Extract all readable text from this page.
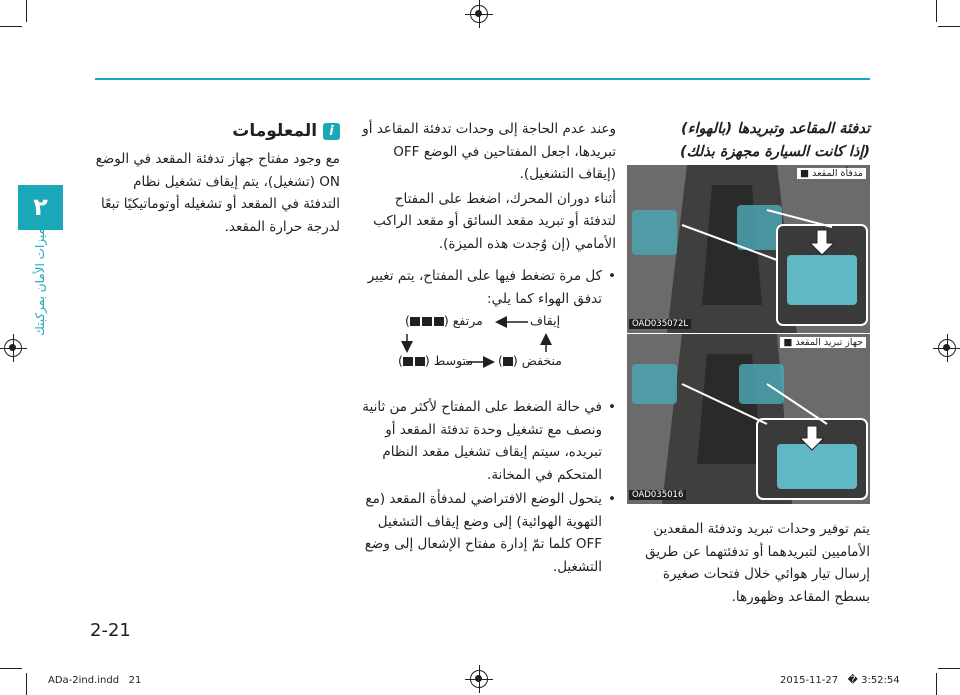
٢
ميزات الأمان بمركبتك
i المعلومات
مع وجود مفتاح جهاز تدفئة المقعد في الوضع ON (تشغيل)، يتم إيقاف تشغيل نظام التدفئة في المقعد أو تشغيله أوتوماتيكيًا تبعًا لدرجة حرارة المقعد.

وعند عدم الحاجة إلى وحدات تدفئة المقاعد أو تبريدها، اجعل المفتاحين في الوضع OFF (إيقاف التشغيل).

أثناء دوران المحرك، اضغط على المفتاح لتدفئة أو تبريد مقعد السائق أو مقعد الراكب الأمامي (إن وُجدت هذه الميزة).

• كل مرة تضغط فيها على المفتاح، يتم تغيير تدفق الهواء كما يلي:
إيقاف
(	) مرتفع
( ) متوسط ( ) منخفض
• في حالة الضغط على المفتاح لأكثر من ثانية ونصف مع تشغيل وحدة تدفئة المقعد أو تبريده، سيتم إيقاف تشغيل مقعد النظام المتحكم في المخانة.
• يتحول الوضع الافتراضي لمدفأة المقعد (مع التهوية الهوائية) إلى وضع إيقاف التشغيل OFF كلما تمّ إدارة مفتاح الإشعال إلى وضع التشغيل.
تدفئة المقاعد وتبريدها (بالهواء)
(إذا كانت السيارة مجهزة بذلك)
■ مدفأة المقعد
OAD035072L
■ جهاز تبريد المقعد
OAD035016
يتم توفير وحدات تبريد وتدفئة المقعدين الأماميين لتبريدهما أو تدفئتهما عن طريق إرسال تيار هوائي خلال فتحات صغيرة بسطح المقاعد وظهورها.
2-21
ADa-2ind.indd   21	2015-11-27   � 3:52:54
